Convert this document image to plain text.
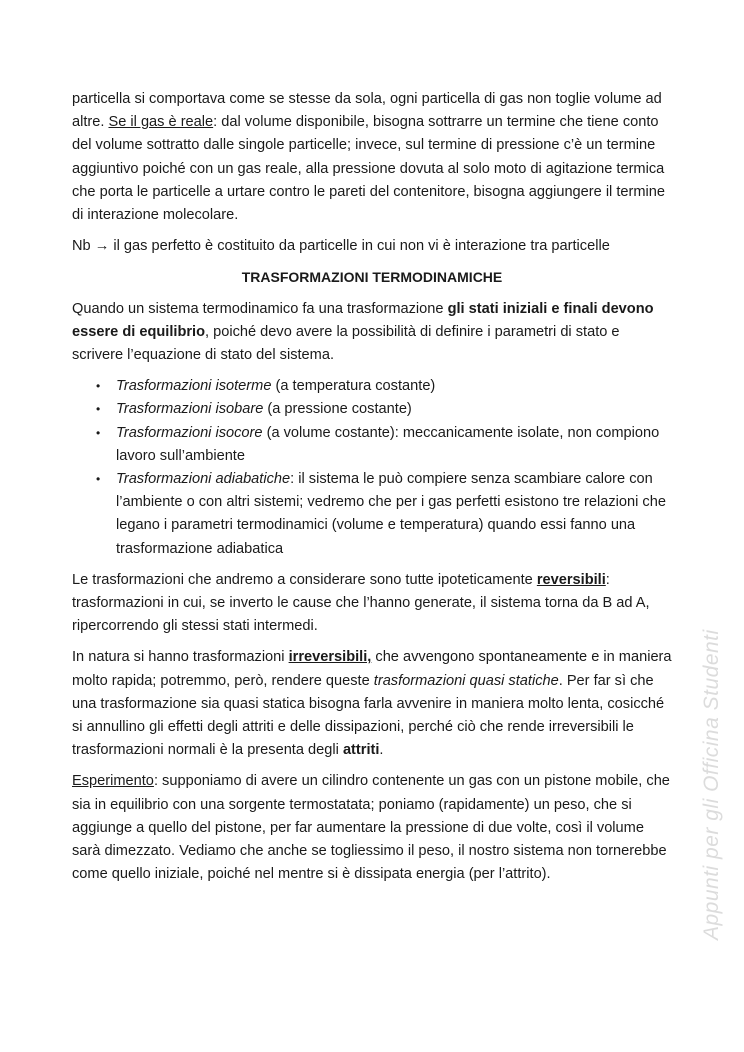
particella si comportava come se stesse da sola, ogni particella di gas non toglie volume ad altre. Se il gas è reale: dal volume disponibile, bisogna sottrarre un termine che tiene conto del volume sottratto dalle singole particelle; invece, sul termine di pressione c’è un termine aggiuntivo poiché con un gas reale, alla pressione dovuta al solo moto di agitazione termica che porta le particelle a urtare contro le pareti del contenitore, bisogna aggiungere il termine di interazione molecolare.

Nb → il gas perfetto è costituito da particelle in cui non vi è interazione tra particelle

TRASFORMAZIONI TERMODINAMICHE

Quando un sistema termodinamico fa una trasformazione gli stati iniziali e finali devono essere di equilibrio, poiché devo avere la possibilità di definire i parametri di stato e scrivere l’equazione di stato del sistema.

• Trasformazioni isoterme (a temperatura costante)
• Trasformazioni isobare (a pressione costante)
• Trasformazioni isocore (a volume costante): meccanicamente isolate, non compiono lavoro sull’ambiente
• Trasformazioni adiabatiche: il sistema le può compiere senza scambiare calore con l’ambiente o con altri sistemi; vedremo che per i gas perfetti esistono tre relazioni che legano i parametri termodinamici (volume e temperatura) quando essi fanno una trasformazione adiabatica

Le trasformazioni che andremo a considerare sono tutte ipoteticamente reversibili: trasformazioni in cui, se inverto le cause che l’hanno generate, il sistema torna da B ad A, ripercorrendo gli stessi stati intermedi.

In natura si hanno trasformazioni irreversibili, che avvengono spontaneamente e in maniera molto rapida; potremmo, però, rendere queste trasformazioni quasi statiche. Per far sì che una trasformazione sia quasi statica bisogna farla avvenire in maniera molto lenta, cosicché si annullino gli effetti degli attriti e delle dissipazioni, perché ciò che rende irreversibili le trasformazioni normali è la presenta degli attriti.

Esperimento: supponiamo di avere un cilindro contenente un gas con un pistone mobile, che sia in equilibrio con una sorgente termostatata; poniamo (rapidamente) un peso, che si aggiunge a quello del pistone, per far aumentare la pressione di due volte, così il volume sarà dimezzato. Vediamo che anche se togliessimo il peso, il nostro sistema non tornerebbe come quello iniziale, poiché nel mentre si è dissipata energia (per l’attrito).	Appunti per gli Officina Studenti
